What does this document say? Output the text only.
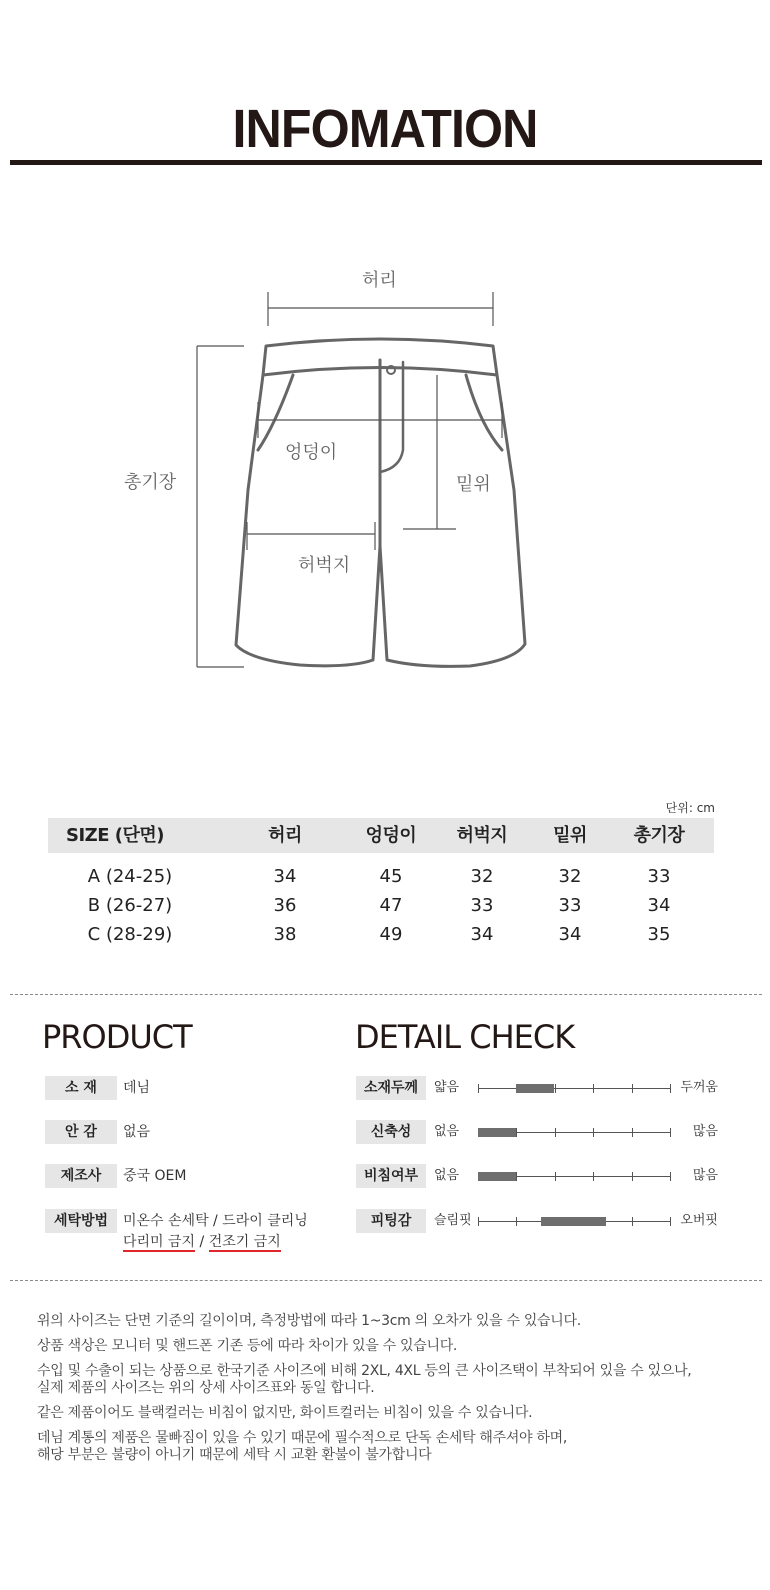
INFOMATION
허리
엉덩이
밑위
총기장
허벅지
단위: cm
SIZE (단면)	허리	엉덩이	허벅지	밑위	총기장
A (24-25)	34	45	32	32	33
B (26-27)	36	47	33	33	34
C (28-29)	38	49	34	34	35
PRODUCT
소 재	데님
안 감	없음
제조사	중국 OEM
세탁방법	미온수 손세탁 / 드라이 클리닝
다리미 금지 / 건조기 금지
DETAIL CHECK
소재두께	얇음	두꺼움
신축성	없음	많음
비침여부	없음	많음
피팅감	슬림핏	오버핏
위의 사이즈는 단면 기준의 길이이며, 측정방법에 따라 1~3cm 의 오차가 있을 수 있습니다.
상품 색상은 모니터 및 핸드폰 기존 등에 따라 차이가 있을 수 있습니다.
수입 및 수출이 되는 상품으로 한국기준 사이즈에 비해 2XL, 4XL 등의 큰 사이즈택이 부착되어 있을 수 있으나,
실제 제품의 사이즈는 위의 상세 사이즈표와 동일 합니다.
같은 제품이어도 블랙컬러는 비침이 없지만, 화이트컬러는 비침이 있을 수 있습니다.
데님 계통의 제품은 물빠짐이 있을 수 있기 때문에 필수적으로 단독 손세탁 해주셔야 하며,
해당 부분은 불량이 아니기 때문에 세탁 시 교환 환불이 불가합니다
